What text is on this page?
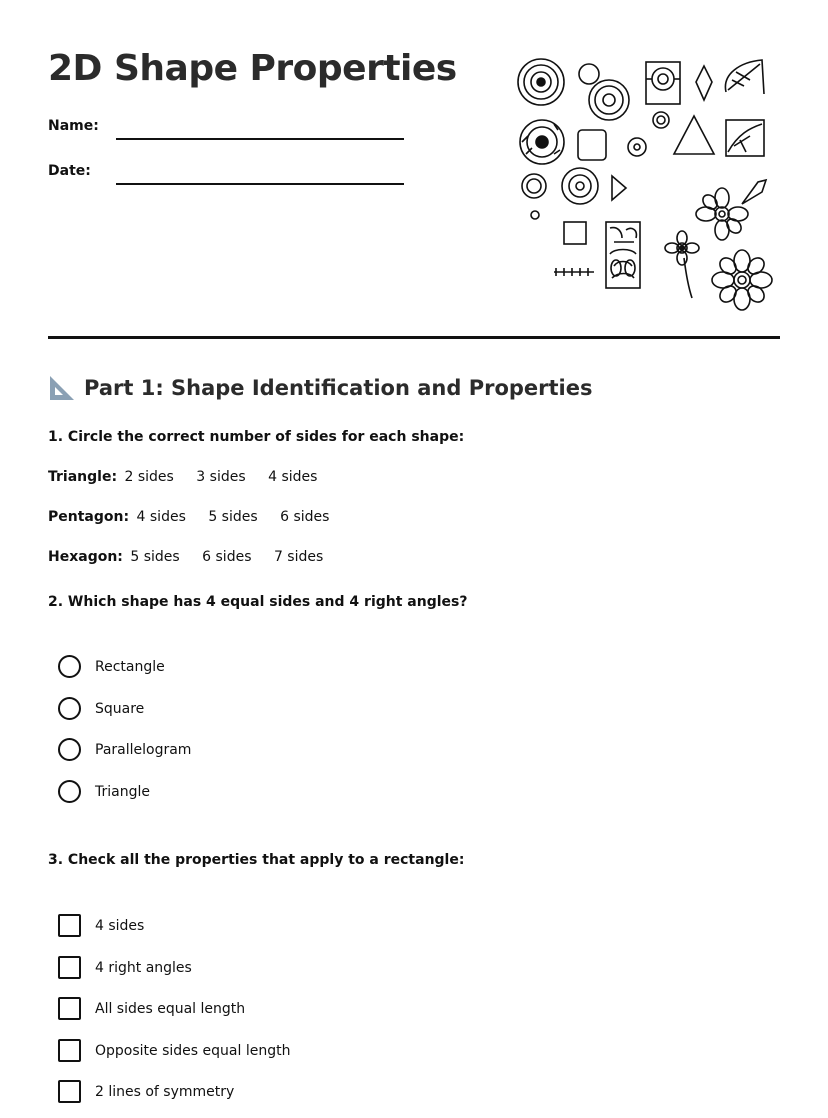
2D Shape Properties
Name:
Date:
Part 1: Shape Identification and Properties
1. Circle the correct number of sides for each shape:
Triangle: 2 sides 3 sides 4 sides
Pentagon: 4 sides 5 sides 6 sides
Hexagon: 5 sides 6 sides 7 sides
2. Which shape has 4 equal sides and 4 right angles?
Rectangle
Square
Parallelogram
Triangle
3. Check all the properties that apply to a rectangle:
4 sides
4 right angles
All sides equal length
Opposite sides equal length
2 lines of symmetry
